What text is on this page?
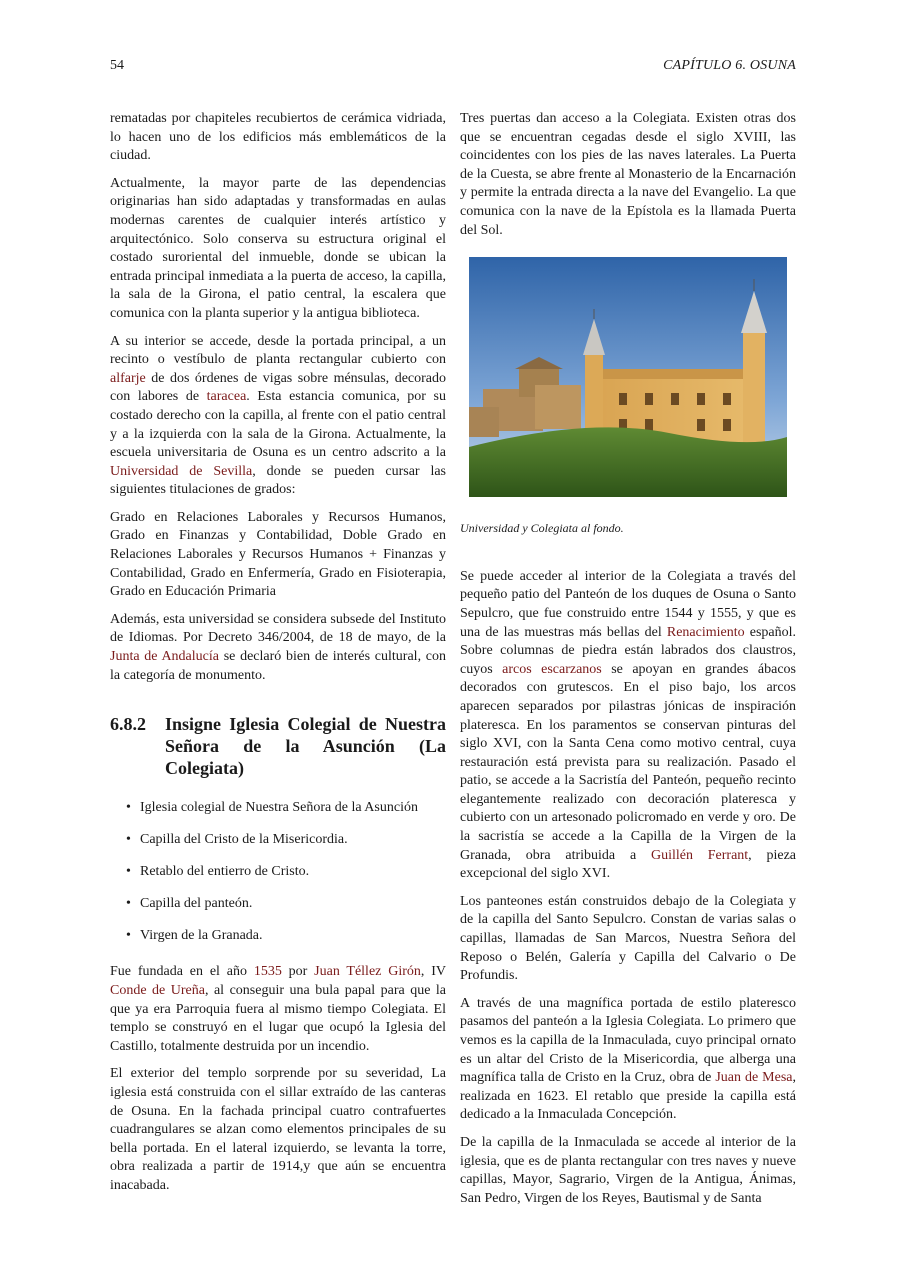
54	CAPÍTULO 6. OSUNA

rematadas por chapiteles recubiertos de cerámica vidriada, lo hacen uno de los edificios más emblemáticos de la ciudad.

Actualmente, la mayor parte de las dependencias originarias han sido adaptadas y transformadas en aulas modernas carentes de cualquier interés artístico y arquitectónico. Solo conserva su estructura original el costado suroriental del inmueble, donde se ubican la entrada principal inmediata a la puerta de acceso, la capilla, la sala de la Girona, el patio central, la escalera que comunica con la planta superior y la antigua biblioteca.

A su interior se accede, desde la portada principal, a un recinto o vestíbulo de planta rectangular cubierto con alfarje de dos órdenes de vigas sobre ménsulas, decorado con labores de taracea. Esta estancia comunica, por su costado derecho con la capilla, al frente con el patio central y a la izquierda con la sala de la Girona. Actualmente, la escuela universitaria de Osuna es un centro adscrito a la Universidad de Sevilla, donde se pueden cursar las siguientes titulaciones de grados:

Grado en Relaciones Laborales y Recursos Humanos, Grado en Finanzas y Contabilidad, Doble Grado en Relaciones Laborales y Recursos Humanos + Finanzas y Contabilidad, Grado en Enfermería, Grado en Fisioterapia, Grado en Educación Primaria

Además, esta universidad se considera subsede del Instituto de Idiomas. Por Decreto 346/2004, de 18 de mayo, de la Junta de Andalucía se declaró bien de interés cultural, con la categoría de monumento.

6.8.2	Insigne Iglesia Colegial de Nuestra Señora de la Asunción (La Colegiata)
• Iglesia colegial de Nuestra Señora de la Asunción
• Capilla del Cristo de la Misericordia.
• Retablo del entierro de Cristo.
• Capilla del panteón.
• Virgen de la Granada.

Fue fundada en el año 1535 por Juan Téllez Girón, IV Conde de Ureña, al conseguir una bula papal para que la que ya era Parroquia fuera al mismo tiempo Colegiata. El templo se construyó en el lugar que ocupó la Iglesia del Castillo, totalmente destruida por un incendio.

El exterior del templo sorprende por su severidad, La iglesia está construida con el sillar extraído de las canteras de Osuna. En la fachada principal cuatro contrafuertes cuadrangulares se alzan como elementos principales de su bella portada. En el lateral izquierdo, se levanta la torre, obra realizada a partir de 1914,y que aún se encuentra inacabada.

Tres puertas dan acceso a la Colegiata. Existen otras dos que se encuentran cegadas desde el siglo XVIII, las coincidentes con los pies de las naves laterales. La Puerta de la Cuesta, se abre frente al Monasterio de la Encarnación y permite la entrada directa a la nave del Evangelio. La que comunica con la nave de la Epístola es la llamada Puerta del Sol.

Universidad y Colegiata al fondo.

Se puede acceder al interior de la Colegiata a través del pequeño patio del Panteón de los duques de Osuna o Santo Sepulcro, que fue construido entre 1544 y 1555, y que es una de las muestras más bellas del Renacimiento español. Sobre columnas de piedra están labrados dos claustros, cuyos arcos escarzanos se apoyan en grandes ábacos decorados con grutescos. En el piso bajo, los arcos aparecen separados por pilastras jónicas de inspiración plateresca. En los paramentos se conservan pinturas del siglo XVI, con la Santa Cena como motivo central, cuya restauración está prevista para su realización. Pasado el patio, se accede a la Sacristía del Panteón, pequeño recinto elegantemente realizado con decoración plateresca y cubierto con un artesonado policromado en verde y oro. De la sacristía se accede a la Capilla de la Virgen de la Granada, obra atribuida a Guillén Ferrant, pieza excepcional del siglo XVI.

Los panteones están construidos debajo de la Colegiata y de la capilla del Santo Sepulcro. Constan de varias salas o capillas, llamadas de San Marcos, Nuestra Señora del Reposo o Belén, Galería y Capilla del Calvario o De Profundis.

A través de una magnífica portada de estilo plateresco pasamos del panteón a la Iglesia Colegiata. Lo primero que vemos es la capilla de la Inmaculada, cuyo principal ornato es un altar del Cristo de la Misericordia, que alberga una magnífica talla de Cristo en la Cruz, obra de Juan de Mesa, realizada en 1623. El retablo que preside la capilla está dedicado a la Inmaculada Concepción.

De la capilla de la Inmaculada se accede al interior de la iglesia, que es de planta rectangular con tres naves y nueve capillas, Mayor, Sagrario, Virgen de la Antigua, Ánimas, San Pedro, Virgen de los Reyes, Bautismal y de Santa
